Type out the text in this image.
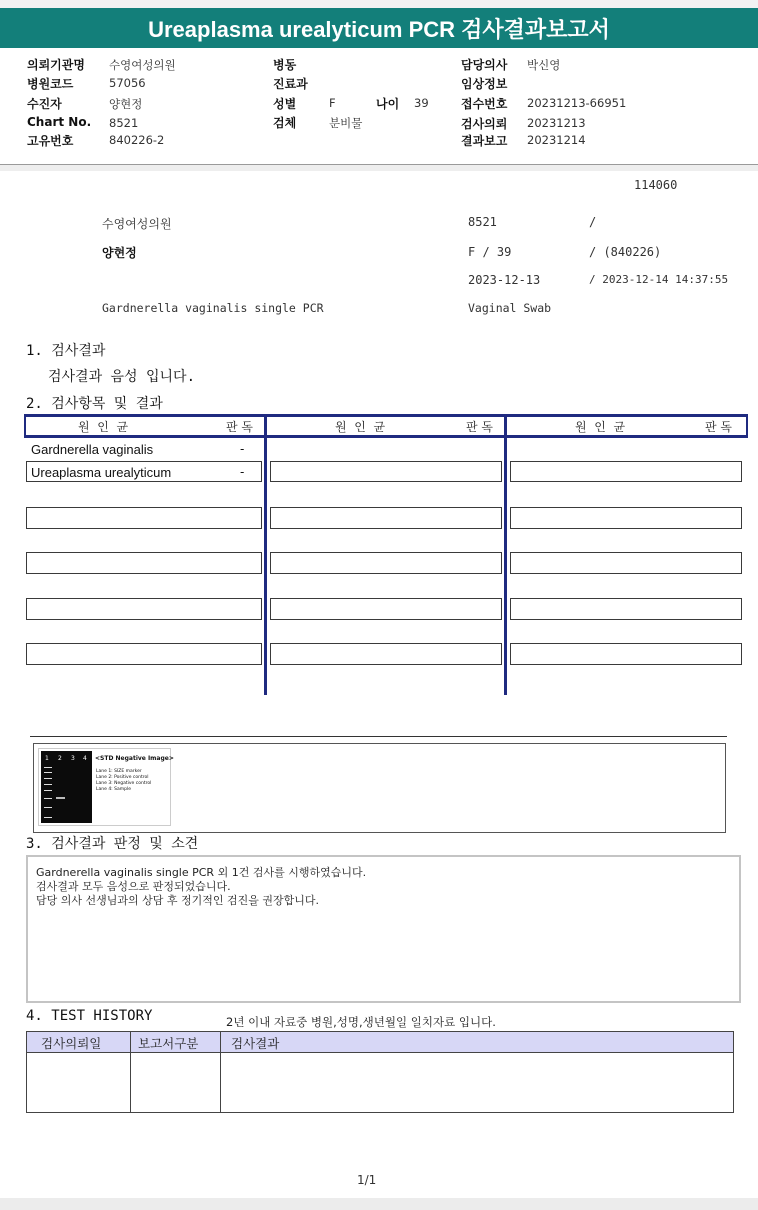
Ureaplasma urealyticum PCR 검사결과보고서
의뢰기관명 수영여성의원
병원코드	57056
수진자	양현정
Chart No. 8521
고유번호	840226-2
병동
진료과
성별	F	나이 39
검체	분비물
담당의사 박신영
임상정보
접수번호 20231213-66951
검사의뢰 20231213
결과보고 20231214
114060
수영여성의원	8521	/
양현정	F / 39	/ (840226)
2023-12-13	/ 2023-12-14 14:37:55
Gardnerella vaginalis single PCR	Vaginal Swab
1. 검사결과
검사결과 음성 입니다.
2. 검사항목 및 결과
원  인  균	판 독	원  인  균	판 독	원  인  균	판 독
Gardnerella vaginalis	-
Ureaplasma urealyticum	-
1 2 3 4 <STD Negative Image>
Lane 1: SIZE marker
Lane 2: Positive control
Lane 3: Negative control
Lane 4: Sample
3. 검사결과 판정 및 소견
Gardnerella vaginalis single PCR 외 1건 검사를 시행하였습니다.
검사결과 모두 음성으로 판정되었습니다.
담당 의사 선생님과의 상담 후 정기적인 검진을 권장합니다.
4. TEST HISTORY	2년 이내 자료중 병원,성명,생년월일 일치자료 입니다.
검사의뢰일	보고서구분	검사결과
1/1
